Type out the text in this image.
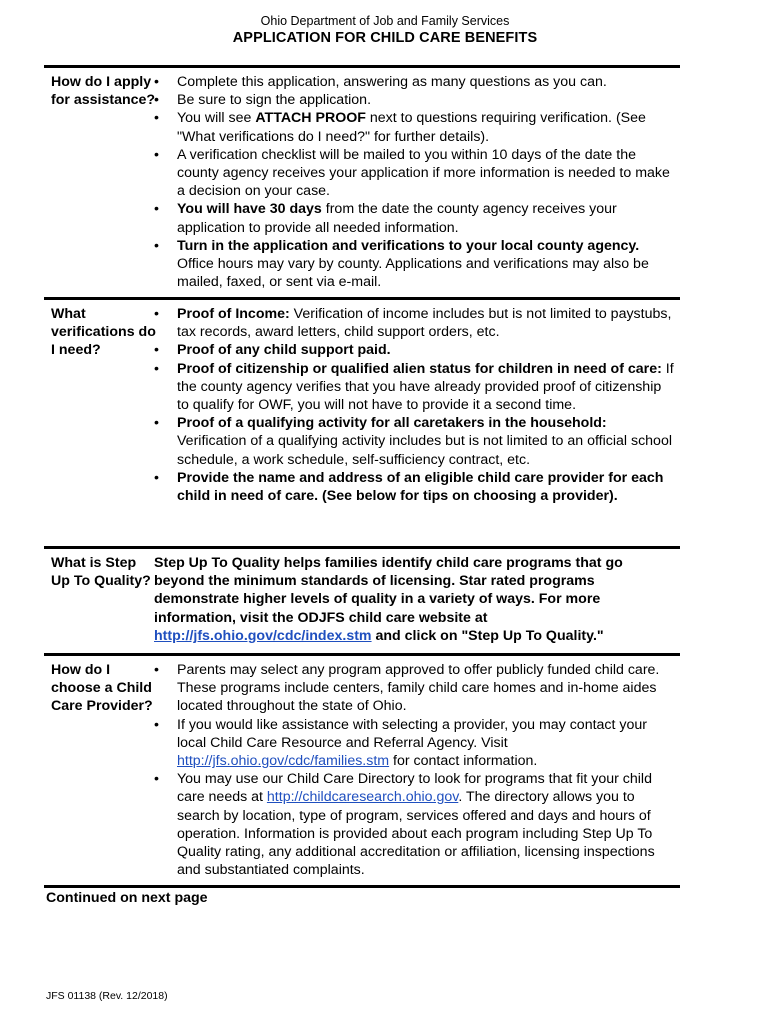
Ohio Department of Job and Family Services
APPLICATION FOR CHILD CARE BENEFITS
How do I apply for assistance?
• Complete this application, answering as many questions as you can.
• Be sure to sign the application.
• You will see ATTACH PROOF next to questions requiring verification. (See "What verifications do I need?" for further details).
• A verification checklist will be mailed to you within 10 days of the date the county agency receives your application if more information is needed to make a decision on your case.
• You will have 30 days from the date the county agency receives your application to provide all needed information.
• Turn in the application and verifications to your local county agency. Office hours may vary by county. Applications and verifications may also be mailed, faxed, or sent via e-mail.
What verifications do I need?
• Proof of Income: Verification of income includes but is not limited to paystubs, tax records, award letters, child support orders, etc.
• Proof of any child support paid.
• Proof of citizenship or qualified alien status for children in need of care: If the county agency verifies that you have already provided proof of citizenship to qualify for OWF, you will not have to provide it a second time.
• Proof of a qualifying activity for all caretakers in the household: Verification of a qualifying activity includes but is not limited to an official school schedule, a work schedule, self-sufficiency contract, etc.
• Provide the name and address of an eligible child care provider for each child in need of care. (See below for tips on choosing a provider).
What is Step Up To Quality?
Step Up To Quality helps families identify child care programs that go beyond the minimum standards of licensing. Star rated programs demonstrate higher levels of quality in a variety of ways. For more information, visit the ODJFS child care website at http://jfs.ohio.gov/cdc/index.stm and click on "Step Up To Quality."
How do I choose a Child Care Provider?
• Parents may select any program approved to offer publicly funded child care. These programs include centers, family child care homes and in-home aides located throughout the state of Ohio.
• If you would like assistance with selecting a provider, you may contact your local Child Care Resource and Referral Agency. Visit http://jfs.ohio.gov/cdc/families.stm for contact information.
• You may use our Child Care Directory to look for programs that fit your child care needs at http://childcaresearch.ohio.gov. The directory allows you to search by location, type of program, services offered and days and hours of operation. Information is provided about each program including Step Up To Quality rating, any additional accreditation or affiliation, licensing inspections and substantiated complaints.
Continued on next page
JFS 01138 (Rev. 12/2018)
